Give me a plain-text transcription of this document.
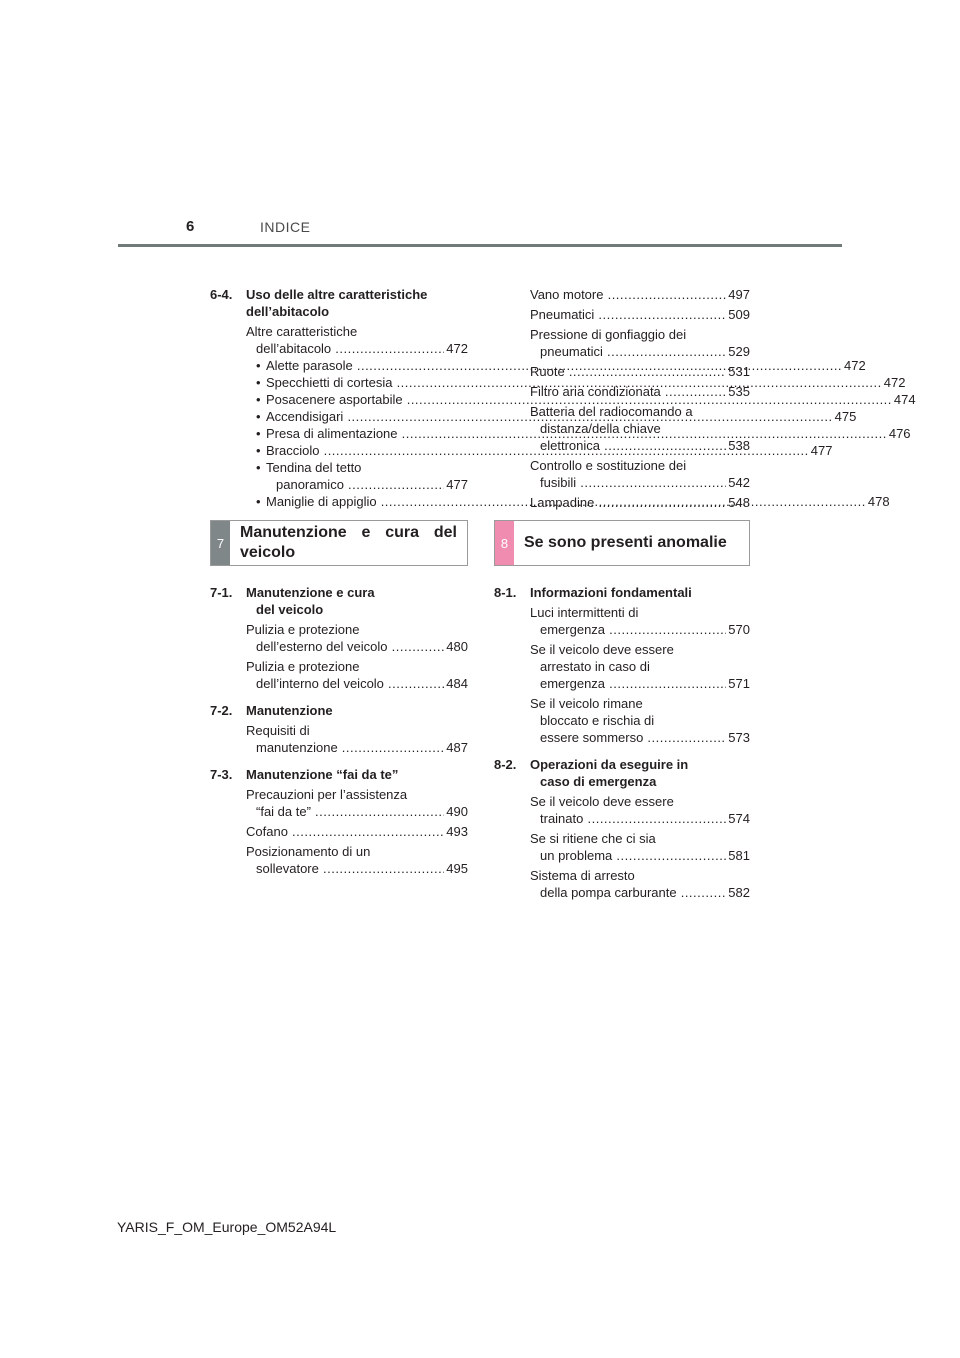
6	INDICE
6-4.	Uso delle altre caratteristiche
dell’abitacolo
Altre caratteristiche
dell’abitacolo .....	472
• Alette parasole .....	472
• Specchietti di cortesia .....	472
• Posacenere asportabile .....	474
• Accendisigari .....	475
• Presa di alimentazione .....	476
• Bracciolo .....	477
• Tendina del tetto
panoramico .....	477
• Maniglie di appiglio .....	478
7
Manutenzione e cura del veicolo
8 Se sono presenti anomalie
7-1.	Manutenzione e cura
del veicolo
Pulizia e protezione
dell’esterno del veicolo .....	480
Pulizia e protezione
dell’interno del veicolo .....	484
7-2.	Manutenzione
Requisiti di
manutenzione .....	487
7-3.	Manutenzione “fai da te”
Precauzioni per l’assistenza
“fai da te” .....	490
Cofano .....	493
Posizionamento di un
sollevatore .....	495
Vano motore .....	497
Pneumatici .....	509
Pressione di gonfiaggio dei
pneumatici .....	529
Ruote .....	531
Filtro aria condizionata .....	535
Batteria del radiocomando a
distanza/della chiave
elettronica .....	538
Controllo e sostituzione dei
fusibili .....	542
Lampadine .....	548
8-1.	Informazioni fondamentali
Luci intermittenti di
emergenza .....	570
Se il veicolo deve essere
arrestato in caso di
emergenza .....	571
Se il veicolo rimane
bloccato e rischia di
essere sommerso .....	573
8-2.	Operazioni da eseguire in
caso di emergenza
Se il veicolo deve essere
trainato .....	574
Se si ritiene che ci sia
un problema .....	581
Sistema di arresto
della pompa carburante .....	582
YARIS_F_OM_Europe_OM52A94L
